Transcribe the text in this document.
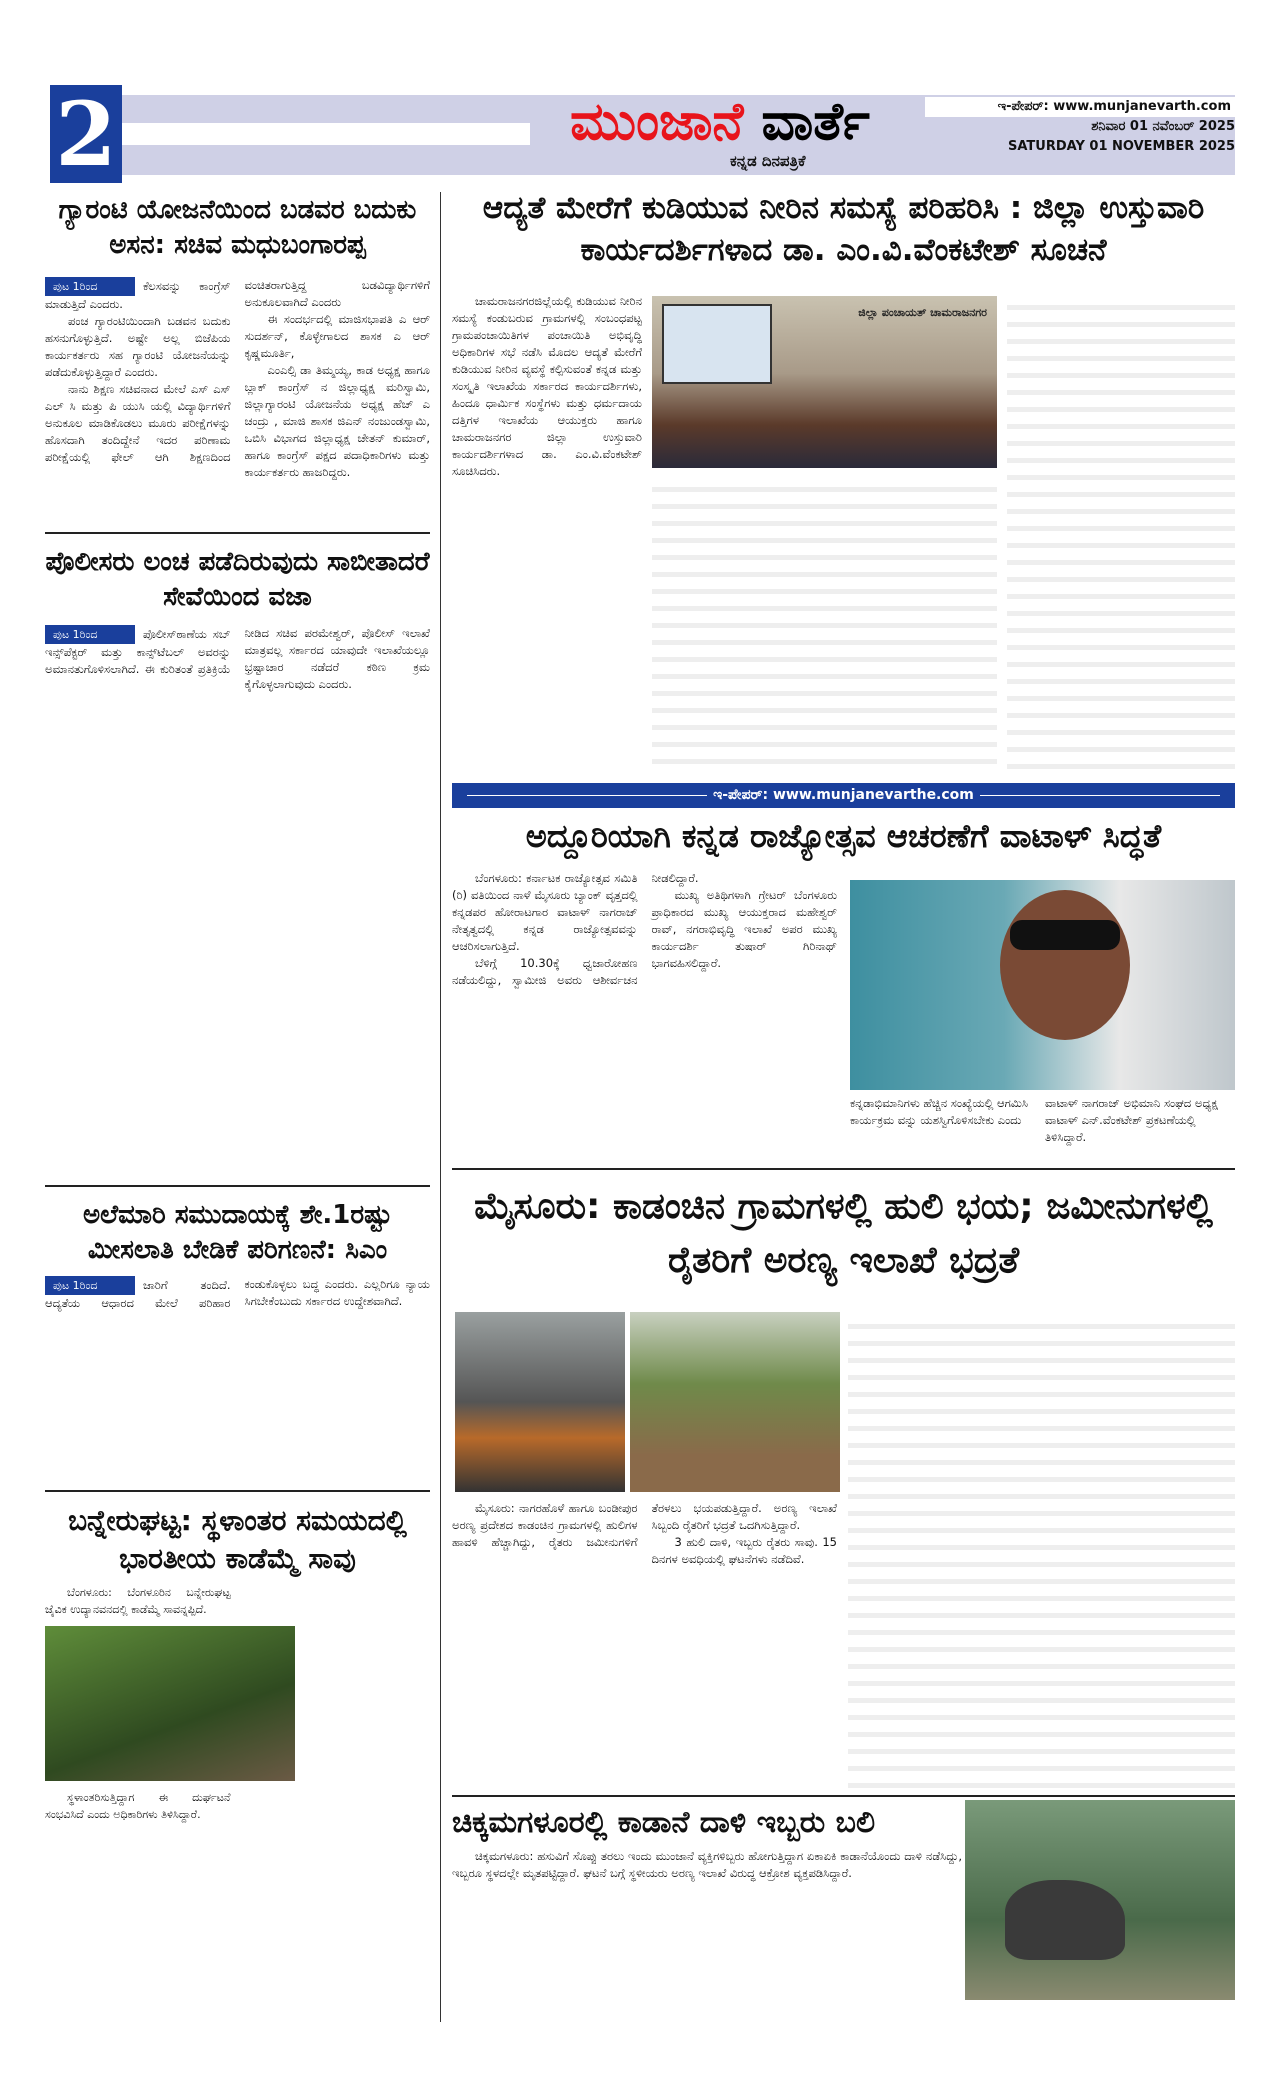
2	ಮುಂಜಾನೆ ವಾರ್ತೆ
ಕನ್ನಡ ದಿನಪತ್ರಿಕೆ
ಇ-ಪೇಪರ್: www.munjanevarth.com
ಶನಿವಾರ 01 ನವೆಂಬರ್ 2025
SATURDAY 01 NOVEMBER 2025
ಗ್ಯಾರಂಟಿ ಯೋಜನೆಯಿಂದ ಬಡವರ ಬದುಕು ಅಸನ: ಸಚಿವ ಮಧುಬಂಗಾರಪ್ಪ

ಪುಟ 1ರಿಂದ	ಕೆಲಸವನ್ನು ಕಾಂಗ್ರೆಸ್ ಮಾಡುತ್ತಿದೆ ಎಂದರು.

ಪಂಚ ಗ್ಯಾರಂಟಿಯಿಂದಾಗಿ ಬಡವನ ಬದುಕು ಹಸನುಗೊಳ್ಳುತ್ತಿದೆ. ಅಷ್ಟೇ ಅಲ್ಲ ಬಿಜೆಪಿಯ ಕಾರ್ಯಕರ್ತರು ಸಹ ಗ್ಯಾರಂಟಿ ಯೋಜನೆಯನ್ನು ಪಡೆದುಕೊಳ್ಳುತ್ತಿದ್ದಾರೆ ಎಂದರು.

ನಾನು ಶಿಕ್ಷಣ ಸಚಿವನಾದ ಮೇಲೆ ಎಸ್ ಎಸ್ ಎಲ್ ಸಿ ಮತ್ತು ಪಿ ಯುಸಿ ಯಲ್ಲಿ ವಿದ್ಯಾರ್ಥಿಗಳಿಗೆ ಅನುಕೂಲ ಮಾಡಿಕೊಡಲು ಮೂರು ಪರೀಕ್ಷೆಗಳನ್ನು ಹೊಸದಾಗಿ ತಂದಿದ್ದೇನೆ ಇದರ ಪರಿಣಾಮ ಪರೀಕ್ಷೆಯಲ್ಲಿ ಫೇಲ್ ಆಗಿ ಶಿಕ್ಷಣದಿಂದ ವಂಚಿತರಾಗುತ್ತಿದ್ದ ಬಡವಿದ್ಯಾರ್ಥಿಗಳಿಗೆ ಅನುಕೂಲವಾಗಿದೆ ಎಂದರು

ಈ ಸಂದರ್ಭದಲ್ಲಿ ಮಾಜಿಸಭಾಪತಿ ಎ ಆರ್ ಸುದರ್ಶನ್, ಕೊಳ್ಳೇಗಾಲದ ಶಾಸಕ ಎ ಆರ್ ಕೃಷ್ಣಮೂರ್ತಿ,

ಎಂಎಲ್ಸಿ ಡಾ ತಿಮ್ಮಯ್ಯ, ಕಾಡ ಅಧ್ಯಕ್ಷ ಹಾಗೂ ಬ್ಲಾಕ್ ಕಾಂಗ್ರೆಸ್ ನ ಜಿಲ್ಲಾಧ್ಯಕ್ಷ ಮರಿಸ್ವಾಮಿ, ಜಿಲ್ಲಾಗ್ಯಾರಂಟಿ ಯೋಜನೆಯ ಅಧ್ಯಕ್ಷ ಹೆಚ್ ಎ ಚಂದ್ರು , ಮಾಜಿ ಶಾಸಕ ಜಿಎನ್ ನಂಜುಂಡಸ್ವಾಮಿ, ಒಬಿಸಿ ವಿಭಾಗದ ಜಿಲ್ಲಾಧ್ಯಕ್ಷ ಚೇತನ್ ಕುಮಾರ್, ಹಾಗೂ ಕಾಂಗ್ರೆಸ್ ಪಕ್ಷದ ಪದಾಧಿಕಾರಿಗಳು ಮತ್ತು ಕಾರ್ಯಕರ್ತರು ಹಾಜರಿದ್ದರು.

ಪೊಲೀಸರು ಲಂಚ ಪಡೆದಿರುವುದು ಸಾಬೀತಾದರೆ ಸೇವೆಯಿಂದ ವಜಾ

ಪುಟ 1ರಿಂದ	ಪೊಲೀಸ್‌ಠಾಣೆಯ ಸಬ್ ಇನ್ಸ್‌ಪೆಕ್ಟರ್ ಮತ್ತು ಕಾನ್ಸ್‌ಟೆಬಲ್ ಅವರನ್ನು ಅಮಾನತುಗೊಳಿಸಲಾಗಿದೆ. ಈ ಕುರಿತಂತೆ ಪ್ರತಿಕ್ರಿಯೆ ನೀಡಿದ ಸಚಿವ ಪರಮೇಶ್ವರ್, ಪೊಲೀಸ್ ಇಲಾಖೆ ಮಾತ್ರವಲ್ಲ ಸರ್ಕಾರದ ಯಾವುದೇ ಇಲಾಖೆಯಲ್ಲೂ ಭ್ರಷ್ಟಾಚಾರ ನಡೆದರೆ ಕಠಿಣ ಕ್ರಮ ಕೈಗೊಳ್ಳಲಾಗುವುದು ಎಂದರು.

ಅಲೆಮಾರಿ ಸಮುದಾಯಕ್ಕೆ ಶೇ.1ರಷ್ಟು ಮೀಸಲಾತಿ ಬೇಡಿಕೆ ಪರಿಗಣನೆ: ಸಿಎಂ

ಪುಟ 1ರಿಂದ	ಜಾರಿಗೆ ತಂದಿದೆ. ಆದ್ಯತೆಯ ಆಧಾರದ ಮೇಲೆ ಪರಿಹಾರ ಕಂಡುಕೊಳ್ಳಲು ಬದ್ಧ ಎಂದರು. ಎಲ್ಲರಿಗೂ ನ್ಯಾಯ ಸಿಗಬೇಕೆಂಬುದು ಸರ್ಕಾರದ ಉದ್ದೇಶವಾಗಿದೆ.

ಬನ್ನೇರುಘಟ್ಟ: ಸ್ಥಳಾಂತರ ಸಮಯದಲ್ಲಿ ಭಾರತೀಯ ಕಾಡೆಮ್ಮೆ ಸಾವು

ಬೆಂಗಳೂರು: ಬೆಂಗಳೂರಿನ ಬನ್ನೇರುಘಟ್ಟ ಜೈವಿಕ ಉದ್ಯಾನವನದಲ್ಲಿ ಕಾಡೆಮ್ಮೆ ಸಾವನ್ನಪ್ಪಿದೆ.

ಸ್ಥಳಾಂತರಿಸುತ್ತಿದ್ದಾಗ ಈ ದುರ್ಘಟನೆ ಸಂಭವಿಸಿದೆ ಎಂದು ಅಧಿಕಾರಿಗಳು ತಿಳಿಸಿದ್ದಾರೆ.

ಆದ್ಯತೆ ಮೇರೆಗೆ ಕುಡಿಯುವ ನೀರಿನ ಸಮಸ್ಯೆ ಪರಿಹರಿಸಿ : ಜಿಲ್ಲಾ ಉಸ್ತುವಾರಿ ಕಾರ್ಯದರ್ಶಿಗಳಾದ ಡಾ. ಎಂ.ವಿ.ವೆಂಕಟೇಶ್ ಸೂಚನೆ

ಚಾಮರಾಜನಗರಜಿಲ್ಲೆಯಲ್ಲಿ ಕುಡಿಯುವ ನೀರಿನ ಸಮಸ್ಯೆ ಕಂಡುಬರುವ ಗ್ರಾಮಗಳಲ್ಲಿ ಸಂಬಂಧಪಟ್ಟ ಗ್ರಾಮಪಂಚಾಯಿತಿಗಳ ಪಂಚಾಯಿತಿ ಅಭಿವೃದ್ಧಿ ಅಧಿಕಾರಿಗಳ ಸಭೆ ನಡೆಸಿ ಮೊದಲ ಆದ್ಯತೆ ಮೇರೆಗೆ ಕುಡಿಯುವ ನೀರಿನ ವ್ಯವಸ್ಥೆ ಕಲ್ಪಿಸುವಂತೆ ಕನ್ನಡ ಮತ್ತು ಸಂಸ್ಕೃತಿ ಇಲಾಖೆಯ ಸರ್ಕಾರದ ಕಾರ್ಯದರ್ಶಿಗಳು, ಹಿಂದೂ ಧಾರ್ಮಿಕ ಸಂಸ್ಥೆಗಳು ಮತ್ತು ಧರ್ಮದಾಯ ದತ್ತಿಗಳ ಇಲಾಖೆಯ ಆಯುಕ್ತರು ಹಾಗೂ ಚಾಮರಾಜನಗರ ಜಿಲ್ಲಾ ಉಸ್ತುವಾರಿ ಕಾರ್ಯದರ್ಶಿಗಳಾದ ಡಾ. ಎಂ.ವಿ.ವೆಂಕಟೇಶ್ ಸೂಚಿಸಿದರು.

ಜಿಲ್ಲಾ ಪಂಚಾಯತ್ ಚಾಮರಾಜನಗರ
ಇ-ಪೇಪರ್: www.munjanevarthe.com
ಅದ್ದೂರಿಯಾಗಿ ಕನ್ನಡ ರಾಜ್ಯೋತ್ಸವ ಆಚರಣೆಗೆ ವಾಟಾಳ್ ಸಿದ್ಧತೆ

ಬೆಂಗಳೂರು: ಕರ್ನಾಟಕ ರಾಜ್ಯೋತ್ಸವ ಸಮಿತಿ (ರಿ) ವತಿಯಿಂದ ನಾಳೆ ಮೈಸೂರು ಬ್ಯಾಂಕ್ ವೃತ್ತದಲ್ಲಿ ಕನ್ನಡಪರ ಹೋರಾಟಗಾರ ವಾಟಾಳ್ ನಾಗರಾಜ್ ನೇತೃತ್ವದಲ್ಲಿ ಕನ್ನಡ ರಾಜ್ಯೋತ್ಸವವನ್ನು ಆಚರಿಸಲಾಗುತ್ತಿದೆ.

ಬೆಳಿಗ್ಗೆ 10.30ಕ್ಕೆ ಧ್ವಜಾರೋಹಣ ನಡೆಯಲಿದ್ದು, ಸ್ವಾಮೀಜಿ ಅವರು ಆಶೀರ್ವಚನ ನೀಡಲಿದ್ದಾರೆ.

ಮುಖ್ಯ ಅತಿಥಿಗಳಾಗಿ ಗ್ರೇಟರ್ ಬೆಂಗಳೂರು ಪ್ರಾಧಿಕಾರದ ಮುಖ್ಯ ಆಯುಕ್ತರಾದ ಮಹೇಶ್ವರ್ ರಾವ್, ನಗರಾಭಿವೃದ್ಧಿ ಇಲಾಖೆ ಅಪರ ಮುಖ್ಯ ಕಾರ್ಯದರ್ಶಿ ತುಷಾರ್ ಗಿರಿನಾಥ್ ಭಾಗವಹಿಸಲಿದ್ದಾರೆ.

ಕನ್ನಡಾಭಿಮಾನಿಗಳು ಹೆಚ್ಚಿನ ಸಂಖ್ಯೆಯಲ್ಲಿ ಆಗಮಿಸಿ ಕಾರ್ಯಕ್ರಮ ವನ್ನು ಯಶಸ್ವಿಗೊಳಿಸಬೇಕು ಎಂದು
ವಾಟಾಳ್ ನಾಗರಾಜ್ ಅಭಿಮಾನಿ ಸಂಘದ ಅಧ್ಯಕ್ಷ ವಾಟಾಳ್ ಎನ್.ವೆಂಕಟೇಶ್ ಪ್ರಕಟಣೆಯಲ್ಲಿ ತಿಳಿಸಿದ್ದಾರೆ.
ಮೈಸೂರು: ಕಾಡಂಚಿನ ಗ್ರಾಮಗಳಲ್ಲಿ ಹುಲಿ ಭಯ; ಜಮೀನುಗಳಲ್ಲಿ ರೈತರಿಗೆ ಅರಣ್ಯ ಇಲಾಖೆ ಭದ್ರತೆ

ಮೈಸೂರು: ನಾಗರಹೊಳೆ ಹಾಗೂ ಬಂಡೀಪುರ ಅರಣ್ಯ ಪ್ರದೇಶದ ಕಾಡಂಚಿನ ಗ್ರಾಮಗಳಲ್ಲಿ ಹುಲಿಗಳ ಹಾವಳಿ ಹೆಚ್ಚಾಗಿದ್ದು, ರೈತರು ಜಮೀನುಗಳಿಗೆ ತೆರಳಲು ಭಯಪಡುತ್ತಿದ್ದಾರೆ. ಅರಣ್ಯ ಇಲಾಖೆ ಸಿಬ್ಬಂದಿ ರೈತರಿಗೆ ಭದ್ರತೆ ಒದಗಿಸುತ್ತಿದ್ದಾರೆ.

3 ಹುಲಿ ದಾಳಿ, ಇಬ್ಬರು ರೈತರು ಸಾವು. 15 ದಿನಗಳ ಅವಧಿಯಲ್ಲಿ ಘಟನೆಗಳು ನಡೆದಿವೆ.

ಚಿಕ್ಕಮಗಳೂರಲ್ಲಿ ಕಾಡಾನೆ ದಾಳಿ ಇಬ್ಬರು ಬಲಿ

ಚಿಕ್ಕಮಗಳೂರು: ಹಸುವಿಗೆ ಸೊಪ್ಪು ತರಲು ಇಂದು ಮುಂಜಾನೆ ವ್ಯಕ್ತಿಗಳಿಬ್ಬರು ಹೋಗುತ್ತಿದ್ದಾಗ ಏಕಾಏಕಿ ಕಾಡಾನೆಯೊಂದು ದಾಳಿ ನಡೆಸಿದ್ದು, ಇಬ್ಬರೂ ಸ್ಥಳದಲ್ಲೇ ಮೃತಪಟ್ಟಿದ್ದಾರೆ. ಘಟನೆ ಬಗ್ಗೆ ಸ್ಥಳೀಯರು ಅರಣ್ಯ ಇಲಾಖೆ ವಿರುದ್ಧ ಆಕ್ರೋಶ ವ್ಯಕ್ತಪಡಿಸಿದ್ದಾರೆ.
